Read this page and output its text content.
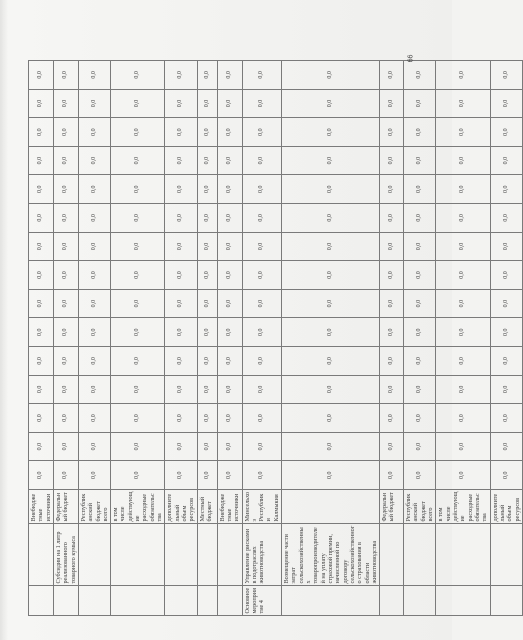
		Внебюджетные источники	0,0	0,0	0,0	0,0	0,0	0,0	0,0	0,0	0,0	0,0	0,0	0,0	0,0	0,0	0,0
	Субсидии на 1 литр реализованного товарного кумыса	Федеральный бюджет	0,0	0,0	0,0	0,0	0,0	0,0	0,0	0,0	0,0	0,0	0,0	0,0	0,0	0,0	0,0
		Республиканский бюджет всего	0,0	0,0	0,0	0,0	0,0	0,0	0,0	0,0	0,0	0,0	0,0	0,0	0,0	0,0	0,0
		в том числе действующие расходные обязательства	0,0	0,0	0,0	0,0	0,0	0,0	0,0	0,0	0,0	0,0	0,0	0,0	0,0	0,0	0,0
		дополнительный объем ресурсов	0,0	0,0	0,0	0,0	0,0	0,0	0,0	0,0	0,0	0,0	0,0	0,0	0,0	0,0	0,0
		Местный бюджет	0,0	0,0	0,0	0,0	0,0	0,0	0,0	0,0	0,0	0,0	0,0	0,0	0,0	0,0	0,0
		Внебюджетные источники	0,0	0,0	0,0	0,0	0,0	0,0	0,0	0,0	0,0	0,0	0,0	0,0	0,0	0,0	0,0
Основное мероприятие 4	Управление рисками в подотраслях животноводства	Минсельхоз Республики Калмыкия	0,0	0,0	0,0	0,0	0,0	0,0	0,0	0,0	0,0	0,0	0,0	0,0	0,0	0,0	0,0
	Возмещение части затрат сельскохозяйственных товаропроизводителей на уплату страховой премии, начисленной по договору сельскохозяйственного страхования в области животноводства		0,0	0,0	0,0	0,0	0,0	0,0	0,0	0,0	0,0	0,0	0,0	0,0	0,0	0,0	0,0
		Федеральный бюджет	0,0	0,0	0,0	0,0	0,0	0,0	0,0	0,0	0,0	0,0	0,0	0,0	0,0	0,0	0,0
		Республиканский бюджет всего	0,0	0,0	0,0	0,0	0,0	0,0	0,0	0,0	0,0	0,0	0,0	0,0	0,0	0,0	0,0
		в том числе действующие расходные обязательства	0,0	0,0	0,0	0,0	0,0	0,0	0,0	0,0	0,0	0,0	0,0	0,0	0,0	0,0	0,0
		дополнительный объем ресурсов	0,0	0,0	0,0	0,0	0,0	0,0	0,0	0,0	0,0	0,0	0,0	0,0	0,0	0,0	0,0
66
